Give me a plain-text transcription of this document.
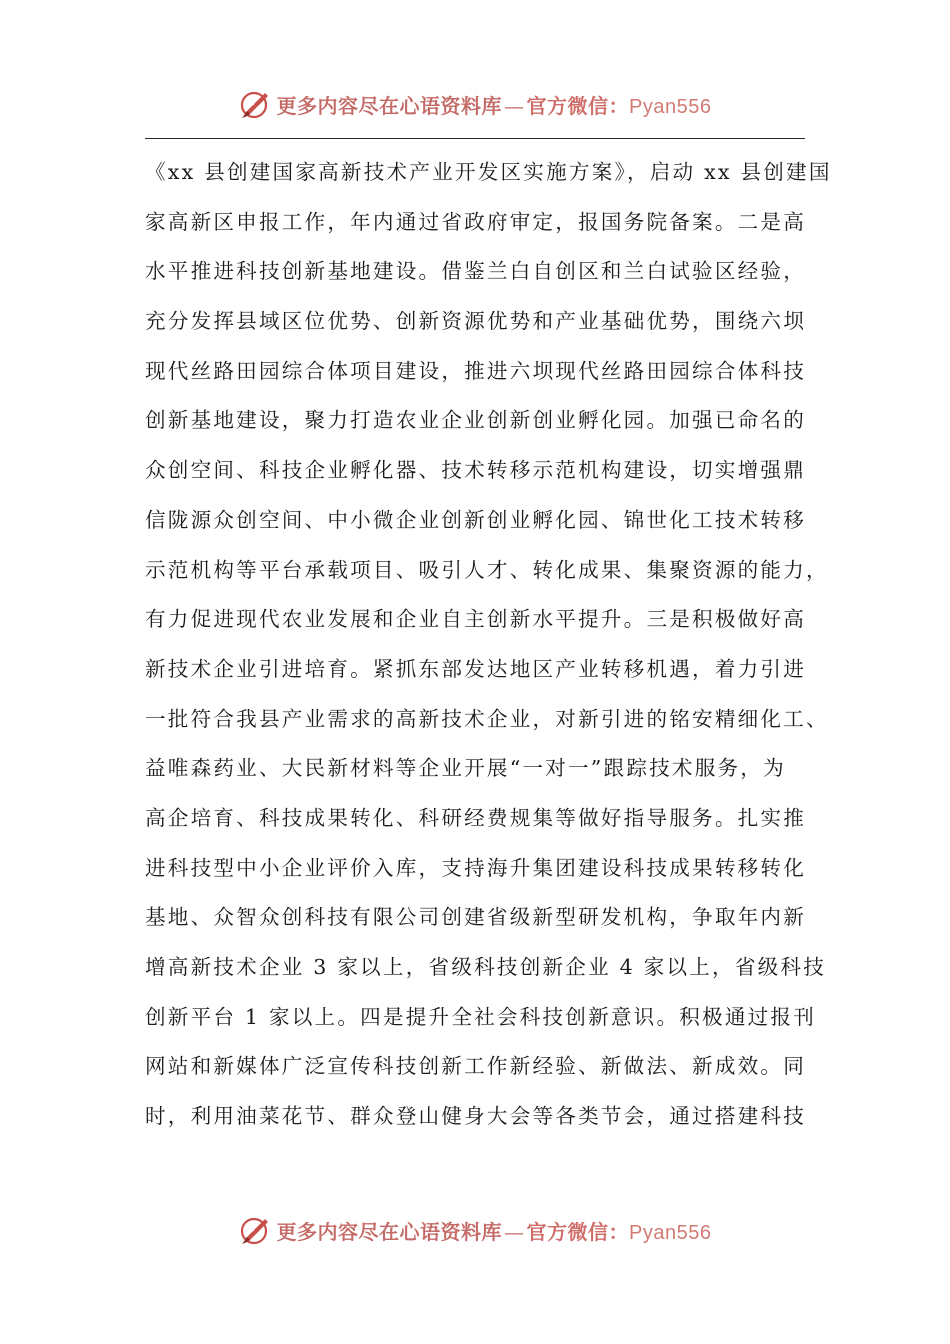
更多内容尽在心语资料库 — 官方微信：Pyan556
《xx 县创建国家高新技术产业开发区实施方案》，启动 xx 县创建国
家高新区申报工作，年内通过省政府审定，报国务院备案。二是高
水平推进科技创新基地建设。借鉴兰白自创区和兰白试验区经验，
充分发挥县域区位优势、创新资源优势和产业基础优势，围绕六坝
现代丝路田园综合体项目建设，推进六坝现代丝路田园综合体科技
创新基地建设，聚力打造农业企业创新创业孵化园。加强已命名的
众创空间、科技企业孵化器、技术转移示范机构建设，切实增强鼎
信陇源众创空间、中小微企业创新创业孵化园、锦世化工技术转移
示范机构等平台承载项目、吸引人才、转化成果、集聚资源的能力，
有力促进现代农业发展和企业自主创新水平提升。三是积极做好高
新技术企业引进培育。紧抓东部发达地区产业转移机遇，着力引进
一批符合我县产业需求的高新技术企业，对新引进的铭安精细化工、
益唯森药业、大民新材料等企业开展“一对一”跟踪技术服务，为
高企培育、科技成果转化、科研经费规集等做好指导服务。扎实推
进科技型中小企业评价入库，支持海升集团建设科技成果转移转化
基地、众智众创科技有限公司创建省级新型研发机构，争取年内新
增高新技术企业 3 家以上，省级科技创新企业 4 家以上，省级科技
创新平台 1 家以上。四是提升全社会科技创新意识。积极通过报刊
网站和新媒体广泛宣传科技创新工作新经验、新做法、新成效。同
时，利用油菜花节、群众登山健身大会等各类节会，通过搭建科技
更多内容尽在心语资料库 — 官方微信：Pyan556
